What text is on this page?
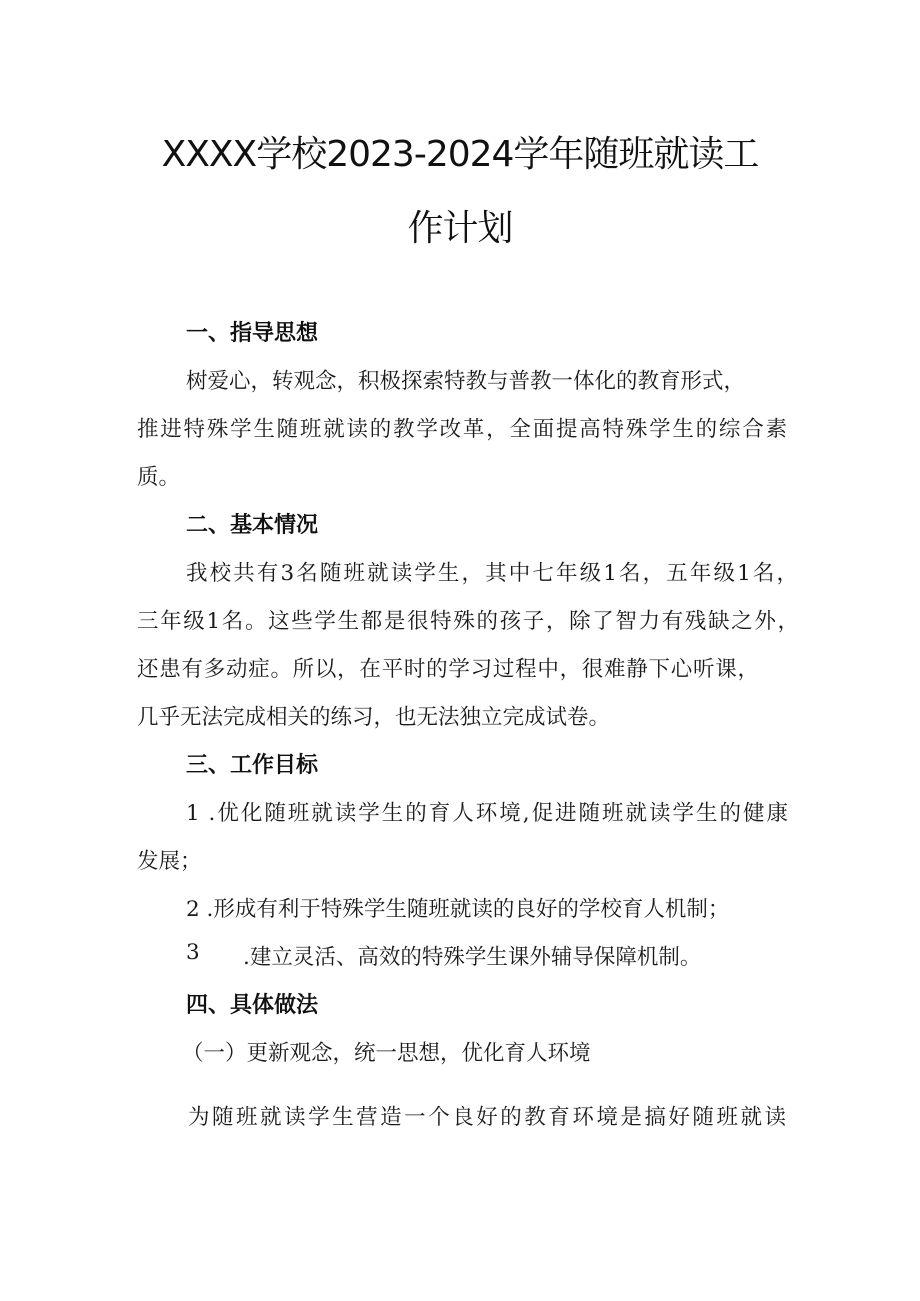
XXXX学校2023-2024学年随班就读工
作计划
一、指导思想
树爱心，转观念，积极探索特教与普教一体化的教育形式，
推进特殊学生随班就读的教学改革，全面提高特殊学生的综合素
质。
二、基本情况
我校共有3名随班就读学生，其中七年级1名，五年级1名，
三年级1名。这些学生都是很特殊的孩子，除了智力有残缺之外，
还患有多动症。所以，在平时的学习过程中，很难静下心听课，
几乎无法完成相关的练习，也无法独立完成试卷。
三、工作目标
1 .优化随班就读学生的育人环境,促进随班就读学生的健康
发展；
2 .形成有利于特殊学生随班就读的良好的学校育人机制；
3 .建立灵活、高效的特殊学生课外辅导保障机制。
四、具体做法
（一）更新观念，统一思想，优化育人环境
为随班就读学生营造一个良好的教育环境是搞好随班就读
